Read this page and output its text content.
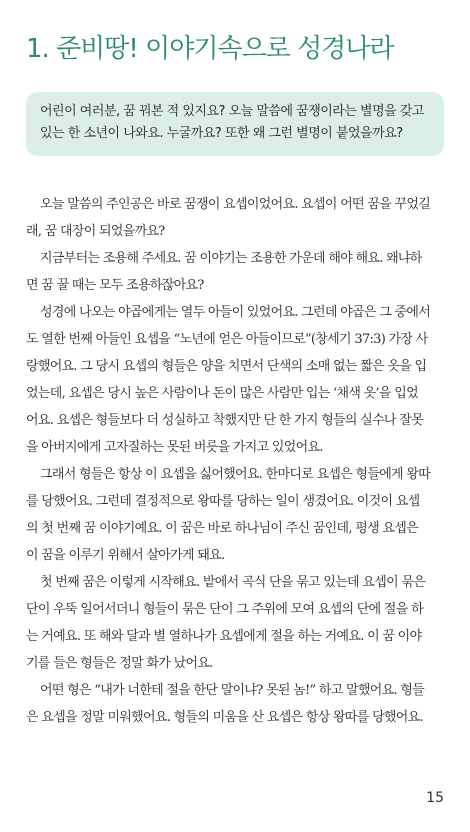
1. 준비땅! 이야기속으로 성경나라
어린이 여러분, 꿈 꿔본 적 있지요? 오늘 말씀에 꿈쟁이라는 별명을 갖고
있는 한 소년이 나와요. 누굴까요? 또한 왜 그런 별명이 붙었을까요?
오늘 말씀의 주인공은 바로 꿈쟁이 요셉이었어요. 요셉이 어떤 꿈을 꾸었길
래, 꿈 대장이 되었을까요?
지금부터는 조용해 주세요. 꿈 이야기는 조용한 가운데 해야 해요. 왜냐하
면 꿈 꿀 때는 모두 조용하잖아요?
성경에 나오는 야곱에게는 열두 아들이 있었어요. 그런데 야곱은 그 중에서
도 열한 번째 아들인 요셉을 “노년에 얻은 아들이므로”(창세기 37:3) 가장 사
랑했어요. 그 당시 요셉의 형들은 양을 치면서 단색의 소매 없는 짧은 옷을 입
었는데, 요셉은 당시 높은 사람이나 돈이 많은 사람만 입는 ‘채색 옷’을 입었
어요. 요셉은 형들보다 더 성실하고 착했지만 단 한 가지 형들의 실수나 잘못
을 아버지에게 고자질하는 못된 버릇을 가지고 있었어요.
그래서 형들은 항상 이 요셉을 싫어했어요. 한마디로 요셉은 형들에게 왕따
를 당했어요. 그런데 결정적으로 왕따를 당하는 일이 생겼어요. 이것이 요셉
의 첫 번째 꿈 이야기예요. 이 꿈은 바로 하나님이 주신 꿈인데, 평생 요셉은
이 꿈을 이루기 위해서 살아가게 돼요.
첫 번째 꿈은 이렇게 시작해요. 밭에서 곡식 단을 묶고 있는데 요셉이 묶은
단이 우뚝 일어서더니 형들이 묶은 단이 그 주위에 모여 요셉의 단에 절을 하
는 거예요. 또 해와 달과 별 열하나가 요셉에게 절을 하는 거예요. 이 꿈 이야
기를 들은 형들은 정말 화가 났어요.
어떤 형은 “내가 너한테 절을 한단 말이냐? 못된 놈!” 하고 말했어요. 형들
은 요셉을 정말 미워했어요. 형들의 미움을 산 요셉은 항상 왕따를 당했어요.
15
